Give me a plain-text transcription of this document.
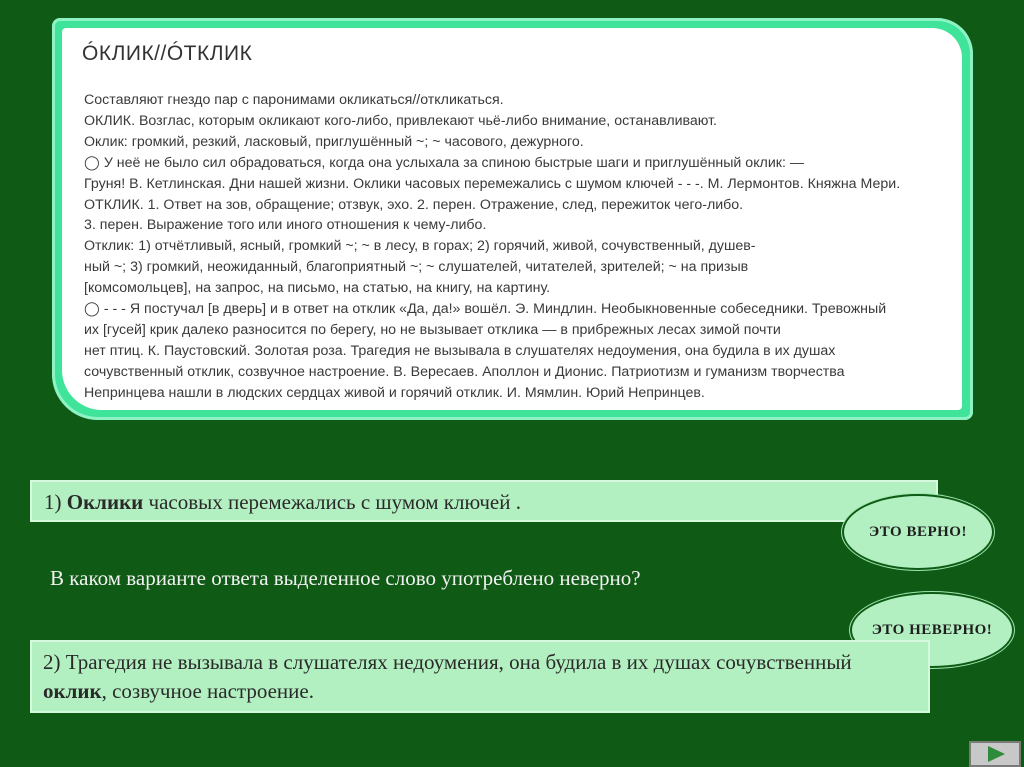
ÓКЛИК//ÓТКЛИК

Составляют гнездо пар с паронимами окликаться//откликаться.

ОКЛИК. Возглас, которым окликают кого-либо, привлекают чьё-либо внимание, останавливают.

Оклик: громкий, резкий, ласковый, приглушённый ~; ~ часового, дежурного.

◯ У неё не было сил обрадоваться, когда она услыхала за спиною быстрые шаги и приглушённый оклик: —

Груня! В. Кетлинская. Дни нашей жизни. Оклики часовых перемежались с шумом ключей - - -. М. Лермонтов. Княжна Мери.

ОТКЛИК. 1. Ответ на зов, обращение; отзвук, эхо. 2. перен. Отражение, след, пережиток чего-либо.

3. перен. Выражение того или иного отношения к чему-либо.

Отклик: 1) отчётливый, ясный, громкий ~; ~ в лесу, в горах; 2) горячий, живой, сочувственный, душев-

ный ~; 3) громкий, неожиданный, благоприятный ~; ~ слушателей, читателей, зрителей; ~ на призыв

[комсомольцев], на запрос, на письмо, на статью, на книгу, на картину.

◯ - - - Я постучал [в дверь] и в ответ на отклик «Да, да!» вошёл. Э. Миндлин. Необыкновенные собеседники. Тревожный

их [гусей] крик далеко разносится по берегу, но не вызывает отклика — в прибрежных лесах зимой почти

нет птиц. К. Паустовский. Золотая роза. Трагедия не вызывала в слушателях недоумения, она будила в их душах

сочувственный отклик, созвучное настроение. В. Вересаев. Аполлон и Дионис. Патриотизм и гуманизм творчества

Непринцева нашли в людских сердцах живой и горячий отклик. И. Мямлин. Юрий Непринцев.

1) Оклики часовых перемежались с шумом ключей .
ЭТО ВЕРНО!

В каком варианте ответа выделенное слово употреблено неверно?

ЭТО НЕВЕРНО!
2) Трагедия не вызывала в слушателях недоумения, она будила в их душах сочувственный оклик, созвучное настроение.
